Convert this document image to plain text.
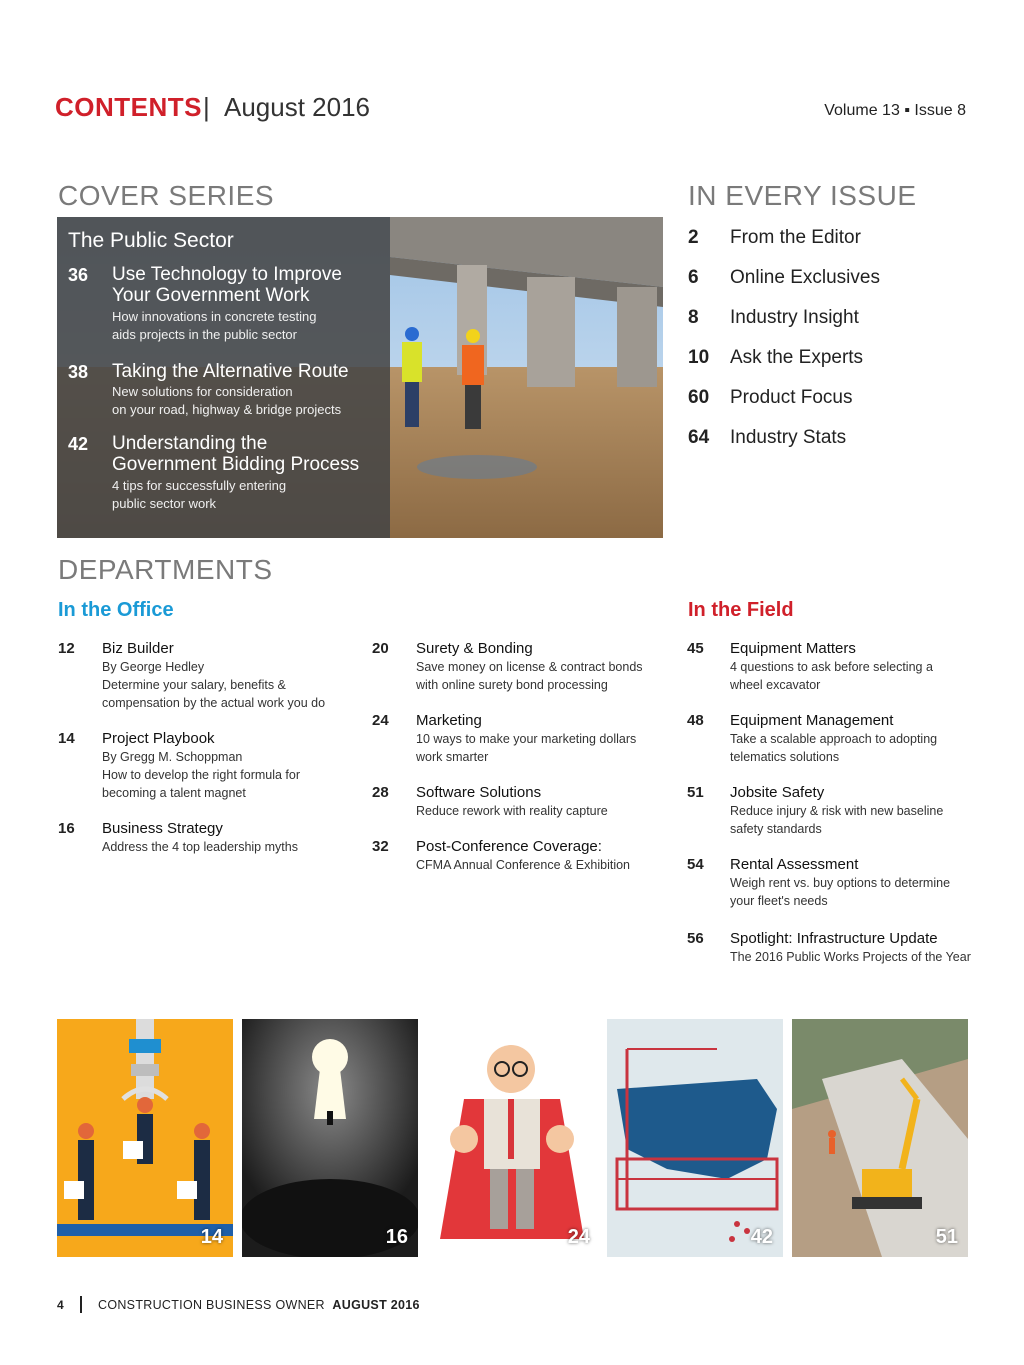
CONTENTS | August 2016	Volume 13 ▪ Issue 8
COVER SERIES
The Public Sector
36 Use Technology to Improve
Your Government Work
How innovations in concrete testing
aids projects in the public sector
38 Taking the Alternative Route
New solutions for consideration
on your road, highway & bridge projects
42 Understanding the
Government Bidding Process
4 tips for successfully entering
public sector work
IN EVERY ISSUE
2 From the Editor
6 Online Exclusives
8 Industry Insight
10 Ask the Experts
60 Product Focus
64 Industry Stats
DEPARTMENTS
In the Office	In the Field
12 Biz Builder
By George Hedley
Determine your salary, benefits &
compensation by the actual work you do
14 Project Playbook
By Gregg M. Schoppman
How to develop the right formula for
becoming a talent magnet
16 Business Strategy
Address the 4 top leadership myths
20 Surety & Bonding
Save money on license & contract bonds
with online surety bond processing
24 Marketing
10 ways to make your marketing dollars
work smarter
28 Software Solutions
Reduce rework with reality capture
32 Post-Conference Coverage:
CFMA Annual Conference & Exhibition
45 Equipment Matters
4 questions to ask before selecting a
wheel excavator
48 Equipment Management
Take a scalable approach to adopting
telematics solutions
51 Jobsite Safety
Reduce injury & risk with new baseline
safety standards
54 Rental Assessment
Weigh rent vs. buy options to determine
your fleet's needs
56 Spotlight: Infrastructure Update
The 2016 Public Works Projects of the Year
14	16	24	42	51
4	CONSTRUCTION BUSINESS OWNER AUGUST 2016
